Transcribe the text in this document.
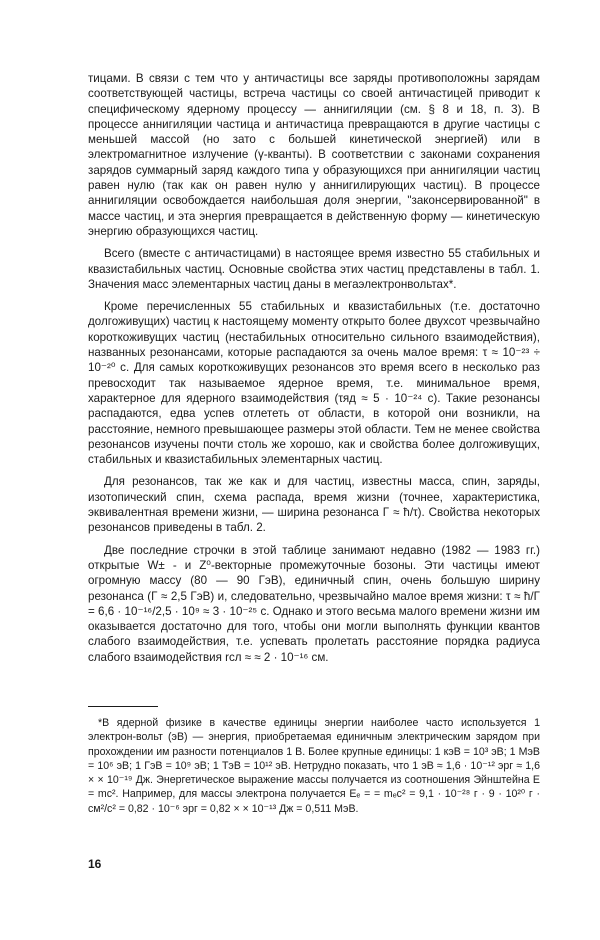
тицами. В связи с тем что у античастицы все заряды противоположны зарядам соответствующей частицы, встреча частицы со своей античастицей приводит к специфическому ядерному процессу — аннигиляции (см. § 8 и 18, п. 3). В процессе аннигиляции частица и античастица превращаются в другие частицы с меньшей массой (но зато с большей кинетической энергией) или в электромагнитное излучение (γ-кванты). В соответствии с законами сохранения зарядов суммарный заряд каждого типа у образующихся при аннигиляции частиц равен нулю (так как он равен нулю у аннигилирующих частиц). В процессе аннигиляции освобождается наибольшая доля энергии, "законсервированной" в массе частиц, и эта энергия превращается в действенную форму — кинетическую энергию образующихся частиц.

Всего (вместе с античастицами) в настоящее время известно 55 стабильных и квазистабильных частиц. Основные свойства этих частиц представлены в табл. 1. Значения масс элементарных частиц даны в мегаэлектронвольтах*.

Кроме перечисленных 55 стабильных и квазистабильных (т.е. достаточно долгоживущих) частиц к настоящему моменту открыто более двухсот чрезвычайно короткоживущих частиц (нестабильных относительно сильного взаимодействия), названных резонансами, которые распадаются за очень малое время: τ ≈ 10⁻²³ ÷ 10⁻²⁰ с. Для самых короткоживущих резонансов это время всего в несколько раз превосходит так называемое ядерное время, т.е. минимальное время, характерное для ядерного взаимодействия (τяд ≈ 5 · 10⁻²⁴ с). Такие резонансы распадаются, едва успев отлететь от области, в которой они возникли, на расстояние, немного превышающее размеры этой области. Тем не менее свойства резонансов изучены почти столь же хорошо, как и свойства более долгоживущих, стабильных и квазистабильных элементарных частиц.

Для резонансов, так же как и для частиц, известны масса, спин, заряды, изотопический спин, схема распада, время жизни (точнее, характеристика, эквивалентная времени жизни, — ширина резонанса Γ ≈ ħ/τ). Свойства некоторых резонансов приведены в табл. 2.

Две последние строчки в этой таблице занимают недавно (1982 — 1983 гг.) открытые W± - и Z⁰-векторные промежуточные бозоны. Эти частицы имеют огромную массу (80 — 90 ГэВ), единичный спин, очень большую ширину резонанса (Γ ≈ 2,5 ГэВ) и, следовательно, чрезвычайно малое время жизни: τ ≈ ħ/Γ = 6,6 · 10⁻¹⁶/2,5 · 10⁹ ≈ 3 · 10⁻²⁵ с. Однако и этого весьма малого времени жизни им оказывается достаточно для того, чтобы они могли выполнять функции квантов слабого взаимодействия, т.е. успевать пролетать расстояние порядка радиуса слабого взаимодействия rсл ≈ ≈ 2 · 10⁻¹⁶ см.

*В ядерной физике в качестве единицы энергии наиболее часто используется 1 электрон-вольт (эВ) — энергия, приобретаемая единичным электрическим зарядом при прохождении им разности потенциалов 1 В. Более крупные единицы: 1 кэВ = 10³ эВ; 1 МэВ = 10⁶ эВ; 1 ГэВ = 10⁹ эВ; 1 ТэВ = 10¹² эВ. Нетрудно показать, что 1 эВ ≈ 1,6 · 10⁻¹² эрг ≈ 1,6 × × 10⁻¹⁹ Дж. Энергетическое выражение массы получается из соотношения Эйнштейна E = mc². Например, для массы электрона получается Eₑ = = mₑc² = 9,1 · 10⁻²⁸ г · 9 · 10²⁰ г · см²/с² = 0,82 · 10⁻⁶ эрг = 0,82 × × 10⁻¹³ Дж = 0,511 МэВ.
16
